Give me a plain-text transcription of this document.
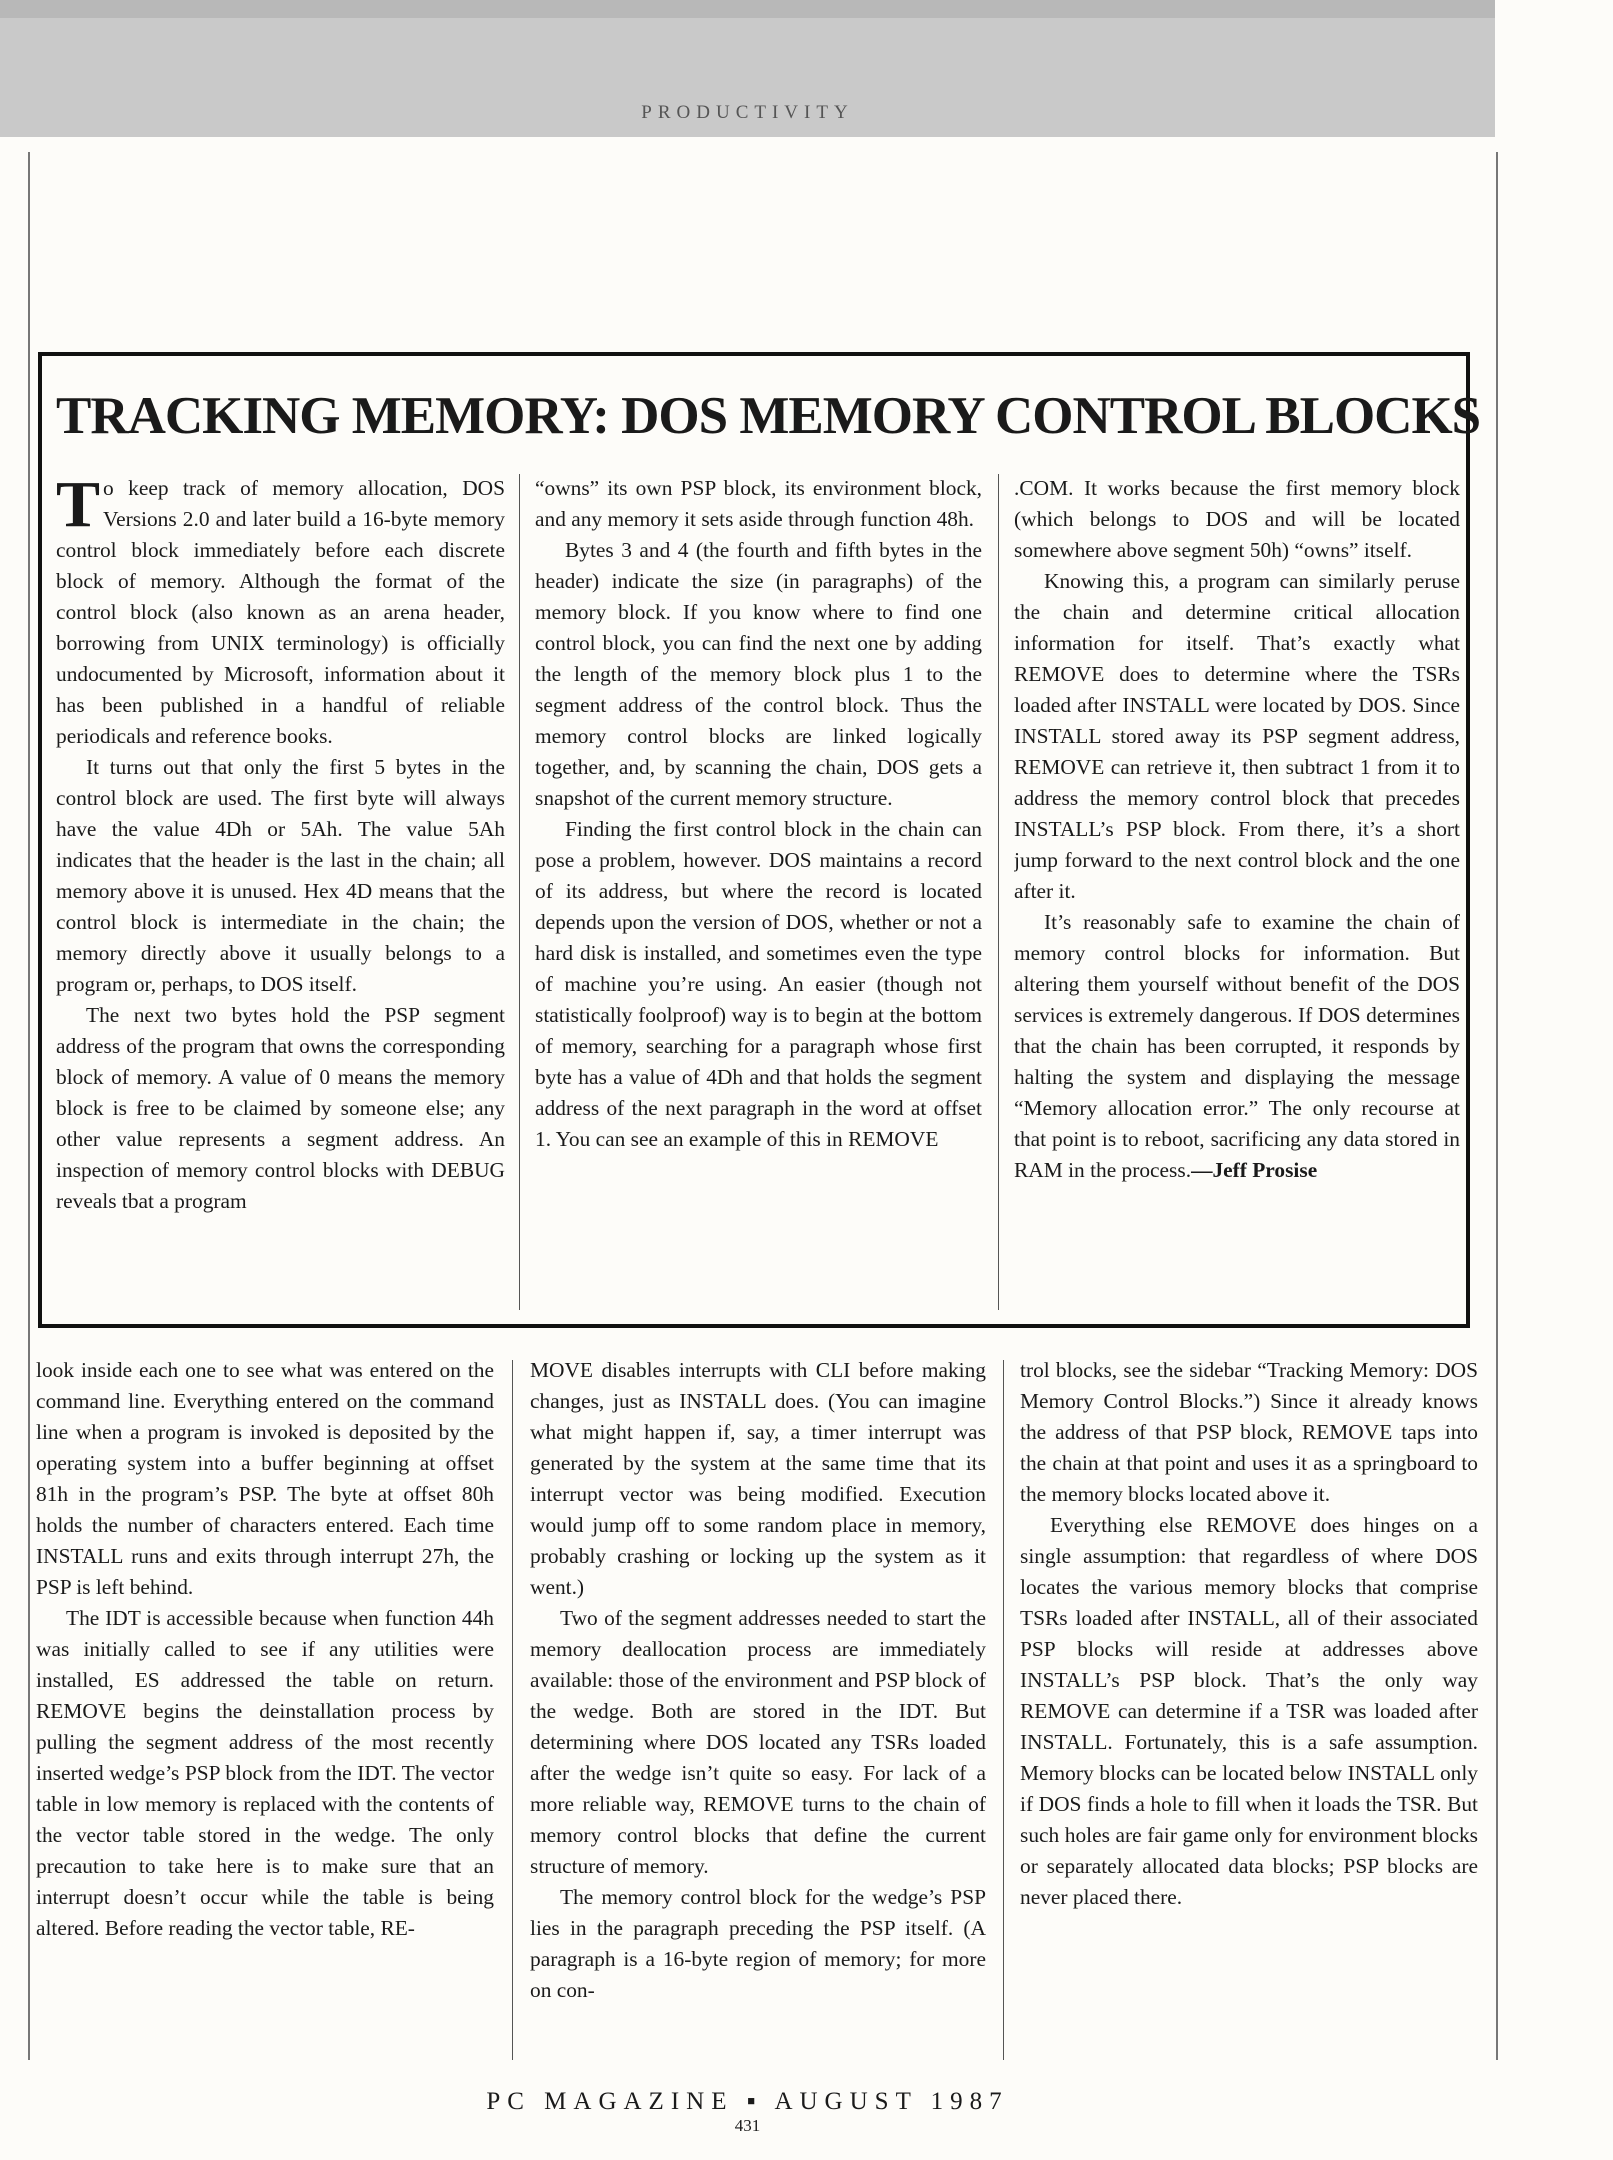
PRODUCTIVITY
TRACKING MEMORY: DOS MEMORY CONTROL BLOCKS

To keep track of memory allocation, DOS Versions 2.0 and later build a 16-byte memory control block immediately before each discrete block of memory. Although the format of the control block (also known as an arena header, borrowing from UNIX terminology) is officially undocumented by Microsoft, information about it has been published in a handful of reliable periodicals and reference books.

It turns out that only the first 5 bytes in the control block are used. The first byte will always have the value 4Dh or 5Ah. The value 5Ah indicates that the header is the last in the chain; all memory above it is unused. Hex 4D means that the control block is intermediate in the chain; the memory directly above it usually belongs to a program or, perhaps, to DOS itself.

The next two bytes hold the PSP segment address of the program that owns the corresponding block of memory. A value of 0 means the memory block is free to be claimed by someone else; any other value represents a segment address. An inspection of memory control blocks with DEBUG reveals tbat a program

“owns” its own PSP block, its environment block, and any memory it sets aside through function 48h.

Bytes 3 and 4 (the fourth and fifth bytes in the header) indicate the size (in paragraphs) of the memory block. If you know where to find one control block, you can find the next one by adding the length of the memory block plus 1 to the segment address of the control block. Thus the memory control blocks are linked logically together, and, by scanning the chain, DOS gets a snapshot of the current memory structure.

Finding the first control block in the chain can pose a problem, however. DOS maintains a record of its address, but where the record is located depends upon the version of DOS, whether or not a hard disk is installed, and sometimes even the type of machine you’re using. An easier (though not statistically foolproof) way is to begin at the bottom of memory, searching for a paragraph whose first byte has a value of 4Dh and that holds the segment address of the next paragraph in the word at offset 1. You can see an example of this in REMOVE

.COM. It works because the first memory block (which belongs to DOS and will be located somewhere above segment 50h) “owns” itself.

Knowing this, a program can similarly peruse the chain and determine critical allocation information for itself. That’s exactly what REMOVE does to determine where the TSRs loaded after INSTALL were located by DOS. Since INSTALL stored away its PSP segment address, REMOVE can retrieve it, then subtract 1 from it to address the memory control block that precedes INSTALL’s PSP block. From there, it’s a short jump forward to the next control block and the one after it.

It’s reasonably safe to examine the chain of memory control blocks for information. But altering them yourself without benefit of the DOS services is extremely dangerous. If DOS determines that the chain has been corrupted, it responds by halting the system and displaying the message “Memory allocation error.” The only recourse at that point is to reboot, sacrificing any data stored in RAM in the process.—Jeff Prosise

look inside each one to see what was entered on the command line. Everything entered on the command line when a program is invoked is deposited by the operating system into a buffer beginning at offset 81h in the program’s PSP. The byte at offset 80h holds the number of characters entered. Each time INSTALL runs and exits through interrupt 27h, the PSP is left behind.

The IDT is accessible because when function 44h was initially called to see if any utilities were installed, ES addressed the table on return. REMOVE begins the deinstallation process by pulling the segment address of the most recently inserted wedge’s PSP block from the IDT. The vector table in low memory is replaced with the contents of the vector table stored in the wedge. The only precaution to take here is to make sure that an interrupt doesn’t occur while the table is being altered. Before reading the vector table, RE-

MOVE disables interrupts with CLI before making changes, just as INSTALL does. (You can imagine what might happen if, say, a timer interrupt was generated by the system at the same time that its interrupt vector was being modified. Execution would jump off to some random place in memory, probably crashing or locking up the system as it went.)

Two of the segment addresses needed to start the memory deallocation process are immediately available: those of the environment and PSP block of the wedge. Both are stored in the IDT. But determining where DOS located any TSRs loaded after the wedge isn’t quite so easy. For lack of a more reliable way, REMOVE turns to the chain of memory control blocks that define the current structure of memory.

The memory control block for the wedge’s PSP lies in the paragraph preceding the PSP itself. (A paragraph is a 16-byte region of memory; for more on con-

trol blocks, see the sidebar “Tracking Memory: DOS Memory Control Blocks.”) Since it already knows the address of that PSP block, REMOVE taps into the chain at that point and uses it as a springboard to the memory blocks located above it.

Everything else REMOVE does hinges on a single assumption: that regardless of where DOS locates the various memory blocks that comprise TSRs loaded after INSTALL, all of their associated PSP blocks will reside at addresses above INSTALL’s PSP block. That’s the only way REMOVE can determine if a TSR was loaded after INSTALL. Fortunately, this is a safe assumption. Memory blocks can be located below INSTALL only if DOS finds a hole to fill when it loads the TSR. But such holes are fair game only for environment blocks or separately allocated data blocks; PSP blocks are never placed there.

PC MAGAZINE ▪ AUGUST 1987
431
